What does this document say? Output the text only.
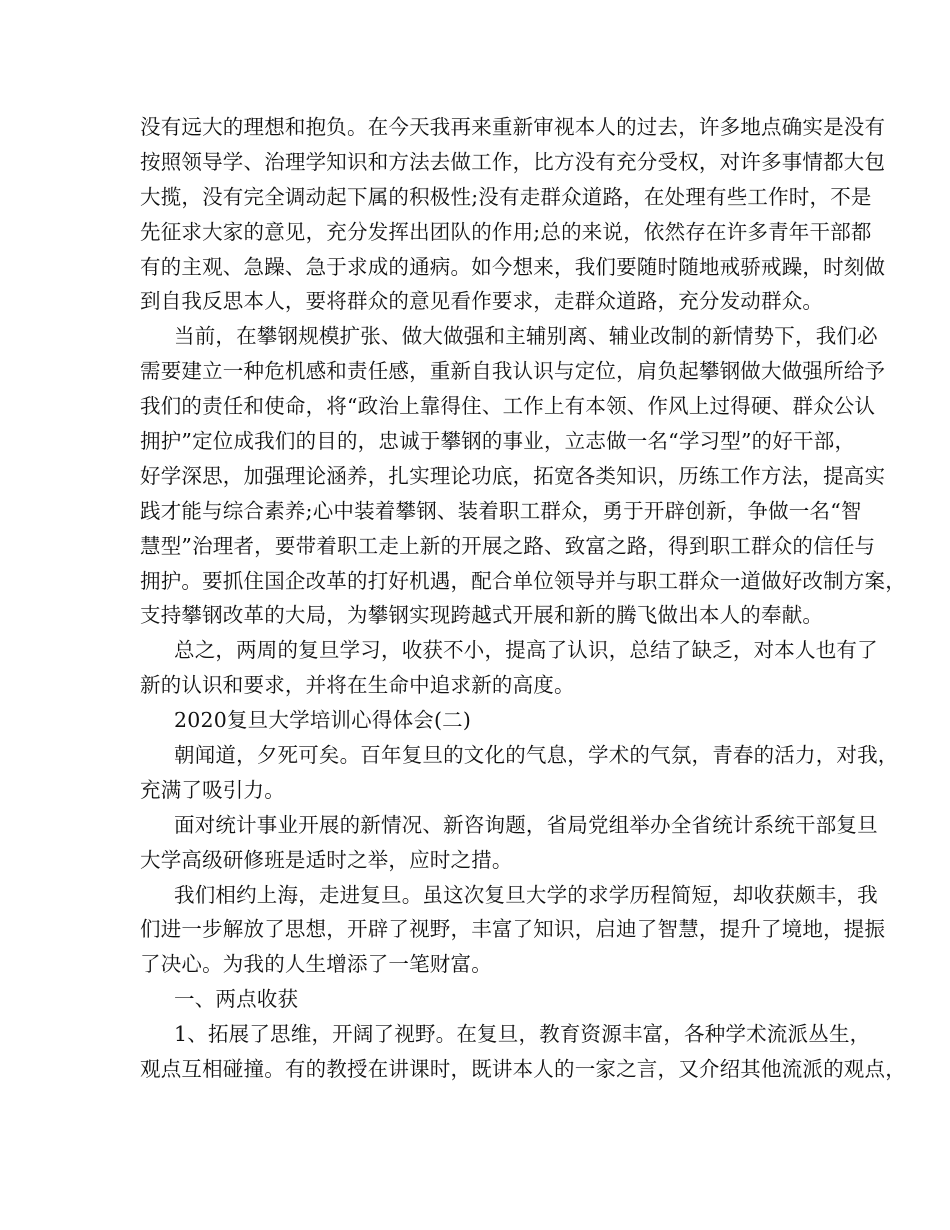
没有远大的理想和抱负。在今天我再来重新审视本人的过去，许多地点确实是没有
按照领导学、治理学知识和方法去做工作，比方没有充分受权，对许多事情都大包
大揽，没有完全调动起下属的积极性;没有走群众道路，在处理有些工作时，不是
先征求大家的意见，充分发挥出团队的作用;总的来说，依然存在许多青年干部都
有的主观、急躁、急于求成的通病。如今想来，我们要随时随地戒骄戒躁，时刻做
到自我反思本人，要将群众的意见看作要求，走群众道路，充分发动群众。
当前，在攀钢规模扩张、做大做强和主辅别离、辅业改制的新情势下，我们必
需要建立一种危机感和责任感，重新自我认识与定位，肩负起攀钢做大做强所给予
我们的责任和使命，将“政治上靠得住、工作上有本领、作风上过得硬、群众公认
拥护”定位成我们的目的，忠诚于攀钢的事业，立志做一名“学习型”的好干部，
好学深思，加强理论涵养，扎实理论功底，拓宽各类知识，历练工作方法，提高实
践才能与综合素养;心中装着攀钢、装着职工群众，勇于开辟创新，争做一名“智
慧型”治理者，要带着职工走上新的开展之路、致富之路，得到职工群众的信任与
拥护。要抓住国企改革的打好机遇，配合单位领导并与职工群众一道做好改制方案，
支持攀钢改革的大局，为攀钢实现跨越式开展和新的腾飞做出本人的奉献。
总之，两周的复旦学习，收获不小，提高了认识，总结了缺乏，对本人也有了
新的认识和要求，并将在生命中追求新的高度。
2020复旦大学培训心得体会(二)
朝闻道，夕死可矣。百年复旦的文化的气息，学术的气氛，青春的活力，对我，
充满了吸引力。
面对统计事业开展的新情况、新咨询题，省局党组举办全省统计系统干部复旦
大学高级研修班是适时之举，应时之措。
我们相约上海，走进复旦。虽这次复旦大学的求学历程简短，却收获颇丰，我
们进一步解放了思想，开辟了视野，丰富了知识，启迪了智慧，提升了境地，提振
了决心。为我的人生增添了一笔财富。
一、两点收获
1、拓展了思维，开阔了视野。在复旦，教育资源丰富，各种学术流派丛生，
观点互相碰撞。有的教授在讲课时，既讲本人的一家之言，又介绍其他流派的观点，
